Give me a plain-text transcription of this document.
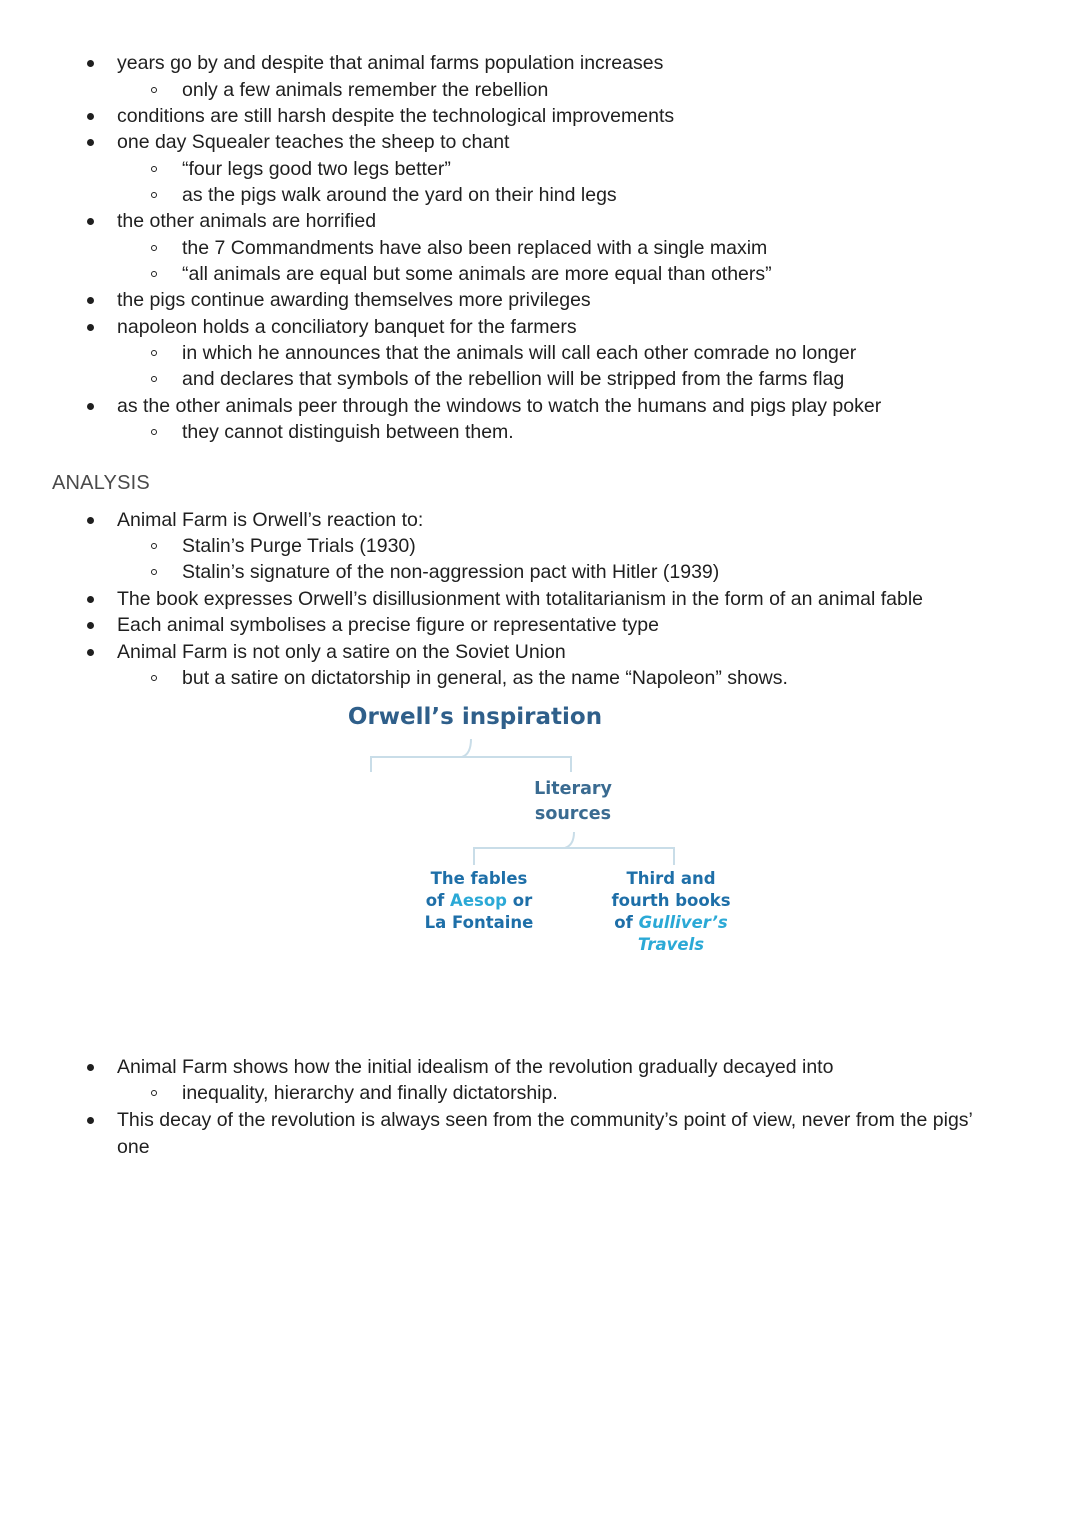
years go by and despite that animal farms population increases
only a few animals remember the rebellion
conditions are still harsh despite the technological improvements
one day Squealer teaches the sheep to chant
“four legs good two legs better”
as the pigs walk around the yard on their hind legs
the other animals are horrified
the 7 Commandments have also been replaced with a single maxim
“all animals are equal but some animals are more equal than others”
the pigs continue awarding themselves more privileges
napoleon holds a conciliatory banquet for the farmers
in which he announces that the animals will call each other comrade no longer
and declares that symbols of the rebellion will be stripped from the farms flag
as the other animals peer through the windows to watch the humans and pigs play poker
they cannot distinguish between them.
ANALYSIS
Animal Farm is Orwell’s reaction to:
Stalin’s Purge Trials (1930)
Stalin’s signature of the non-aggression pact with Hitler (1939)
The book expresses Orwell’s disillusionment with totalitarianism in the form of an animal fable
Each animal symbolises a precise figure or representative type
Animal Farm is not only a satire on the Soviet Union
but a satire on dictatorship in general, as the name “Napoleon” shows.
Orwell’s inspiration
Literary
sources
The fables
of Aesop or
La Fontaine
Third and
fourth books
of Gulliver’s
Travels
Animal Farm shows how the initial idealism of the revolution gradually decayed into
inequality, hierarchy and finally dictatorship.
This decay of the revolution is always seen from the community’s point of view, never from the pigs’
one
